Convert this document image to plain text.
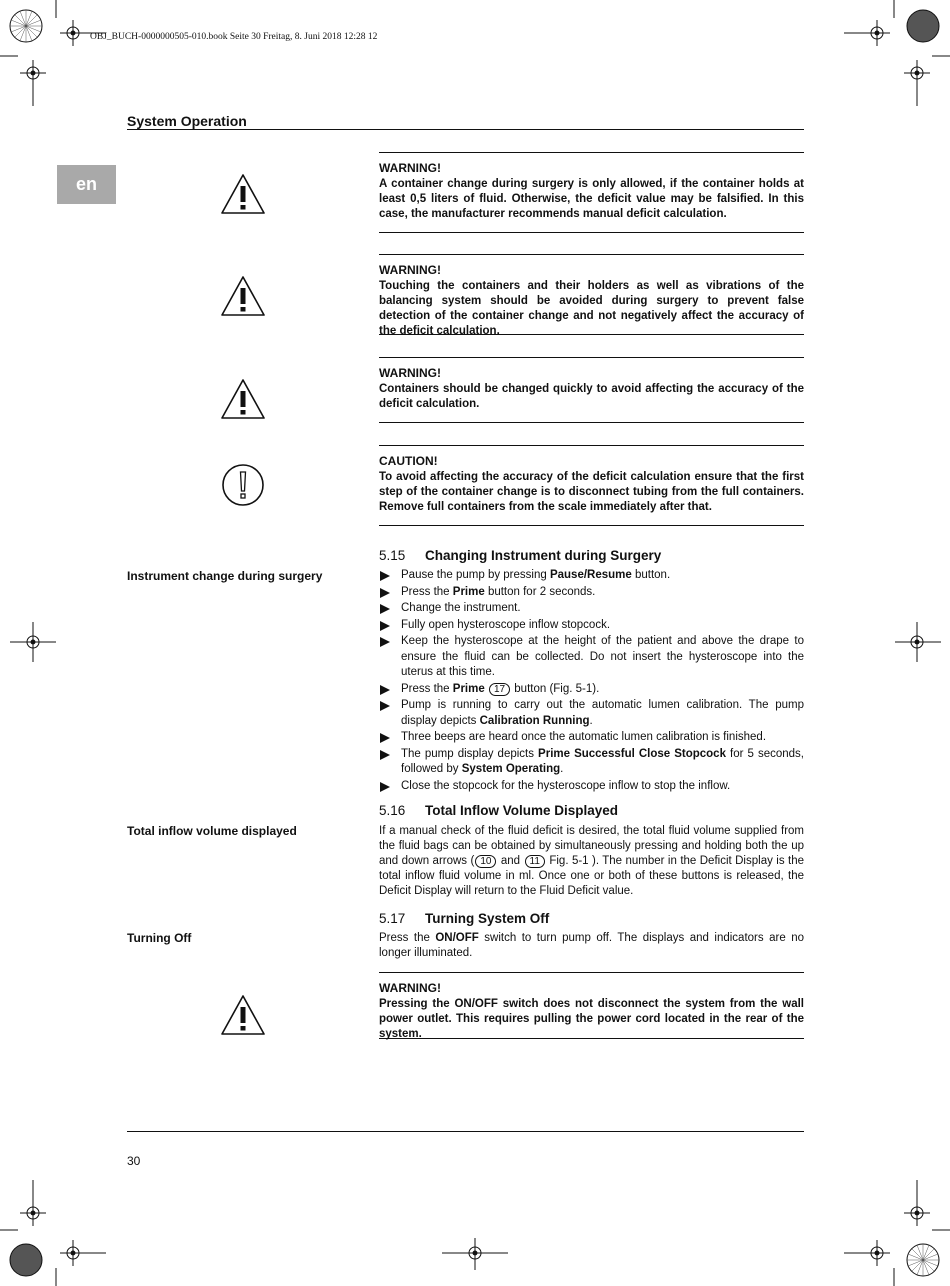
OBJ_BUCH-0000000505-010.book Seite 30 Freitag, 8. Juni 2018 12:28 12
System Operation
en
WARNING!
A container change during surgery is only allowed, if the container holds at least 0,5 liters of fluid. Otherwise, the deficit value may be falsified. In this case, the manufacturer recommends manual deficit calculation.
WARNING!
Touching the containers and their holders as well as vibrations of the balancing system should be avoided during surgery to prevent false detection of the container change and not negatively affect the accuracy of the deficit calculation.
WARNING!
Containers should be changed quickly to avoid affecting the accuracy of the deficit calculation.
CAUTION!
To avoid affecting the accuracy of the deficit calculation ensure that the first step of the container change is to disconnect tubing from the full containers. Remove full containers from the scale immediately after that.
5.15 Changing Instrument during Surgery
Instrument change during surgery	Pause the pump by pressing Pause/Resume button.
Press the Prime button for 2 seconds.
Change the instrument.
Fully open hysteroscope inflow stopcock.
Keep the hysteroscope at the height of the patient and above the drape to ensure the fluid can be collected. Do not insert the hysteroscope into the uterus at this time.
Press the Prime 17 button (Fig. 5-1).
Pump is running to carry out the automatic lumen calibration. The pump display depicts Calibration Running.
Three beeps are heard once the automatic lumen calibration is finished.
The pump display depicts Prime Successful Close Stopcock for 5 seconds, followed by System Operating.
Close the stopcock for the hysteroscope inflow to stop the inflow.
5.16 Total Inflow Volume Displayed
Total inflow volume displayed	If a manual check of the fluid deficit is desired, the total fluid volume supplied from the fluid bags can be obtained by simultaneously pressing and holding both the up and down arrows ( 10 and 11 Fig. 5-1 ). The number in the Deficit Display is the total inflow fluid volume in ml. Once one or both of these buttons is released, the Deficit Display will return to the Fluid Deficit value.
5.17 Turning System Off
Turning Off	Press the ON/OFF switch to turn pump off. The displays and indicators are no longer illuminated.
WARNING!
Pressing the ON/OFF switch does not disconnect the system from the wall power outlet. This requires pulling the power cord located in the rear of the system.
30
